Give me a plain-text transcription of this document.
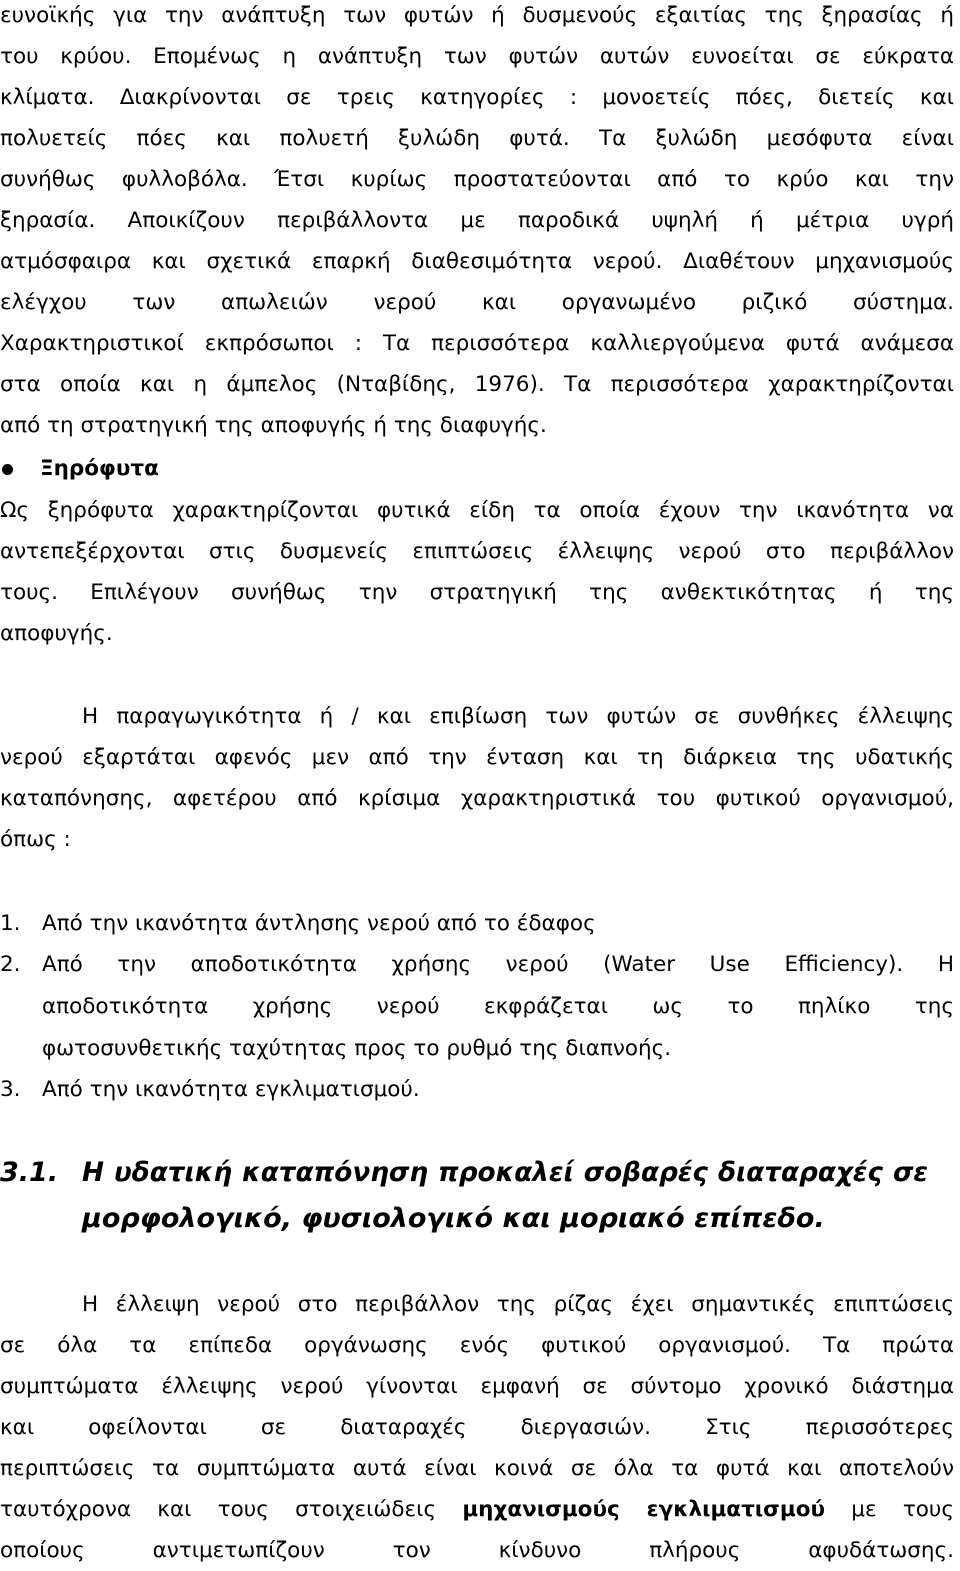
ευνοϊκής για την ανάπτυξη των φυτών ή δυσμενούς εξαιτίας της ξηρασίας ή
του κρύου. Επομένως η ανάπτυξη των φυτών αυτών ευνοείται σε εύκρατα
κλίματα. Διακρίνονται σε τρεις κατηγορίες : μονοετείς πόες, διετείς και
πολυετείς πόες και πολυετή ξυλώδη φυτά. Τα ξυλώδη μεσόφυτα είναι
συνήθως φυλλοβόλα. Έτσι κυρίως προστατεύονται από το κρύο και την
ξηρασία. Αποικίζουν περιβάλλοντα με παροδικά υψηλή ή μέτρια υγρή
ατμόσφαιρα και σχετικά επαρκή διαθεσιμότητα νερού. Διαθέτουν μηχανισμούς
ελέγχου των απωλειών νερού και οργανωμένο ριζικό σύστημα.
Χαρακτηριστικοί εκπρόσωποι : Τα περισσότερα καλλιεργούμενα φυτά ανάμεσα
στα οποία και η άμπελος (Νταβίδης, 1976). Τα περισσότερα χαρακτηρίζονται
από τη στρατηγική της αποφυγής ή της διαφυγής.
Ξηρόφυτα
Ως ξηρόφυτα χαρακτηρίζονται φυτικά είδη τα οποία έχουν την ικανότητα να
αντεπεξέρχονται στις δυσμενείς επιπτώσεις έλλειψης νερού στο περιβάλλον
τους. Επιλέγουν συνήθως την στρατηγική της ανθεκτικότητας ή της
αποφυγής.
Η παραγωγικότητα ή / και επιβίωση των φυτών σε συνθήκες έλλειψης
νερού εξαρτάται αφενός μεν από την ένταση και τη διάρκεια της υδατικής
καταπόνησης, αφετέρου από κρίσιμα χαρακτηριστικά του φυτικού οργανισμού,
όπως :
1. Από την ικανότητα άντλησης νερού από το έδαφος
2. Από την αποδοτικότητα χρήσης νερού (Water Use Efficiency). Η
αποδοτικότητα χρήσης νερού εκφράζεται ως το πηλίκο της
φωτοσυνθετικής ταχύτητας προς το ρυθμό της διαπνοής.
3. Από την ικανότητα εγκλιματισμού.
3.1. Η υδατική καταπόνηση προκαλεί σοβαρές διαταραχές σε
μορφολογικό, φυσιολογικό και μοριακό επίπεδο.
Η έλλειψη νερού στο περιβάλλον της ρίζας έχει σημαντικές επιπτώσεις
σε όλα τα επίπεδα οργάνωσης ενός φυτικού οργανισμού. Τα πρώτα
συμπτώματα έλλειψης νερού γίνονται εμφανή σε σύντομο χρονικό διάστημα
και οφείλονται σε διαταραχές διεργασιών. Στις περισσότερες
περιπτώσεις τα συμπτώματα αυτά είναι κοινά σε όλα τα φυτά και αποτελούν
ταυτόχρονα και τους στοιχειώδεις μηχανισμούς εγκλιματισμού με τους
οποίους αντιμετωπίζουν τον κίνδυνο πλήρους αφυδάτωσης.
